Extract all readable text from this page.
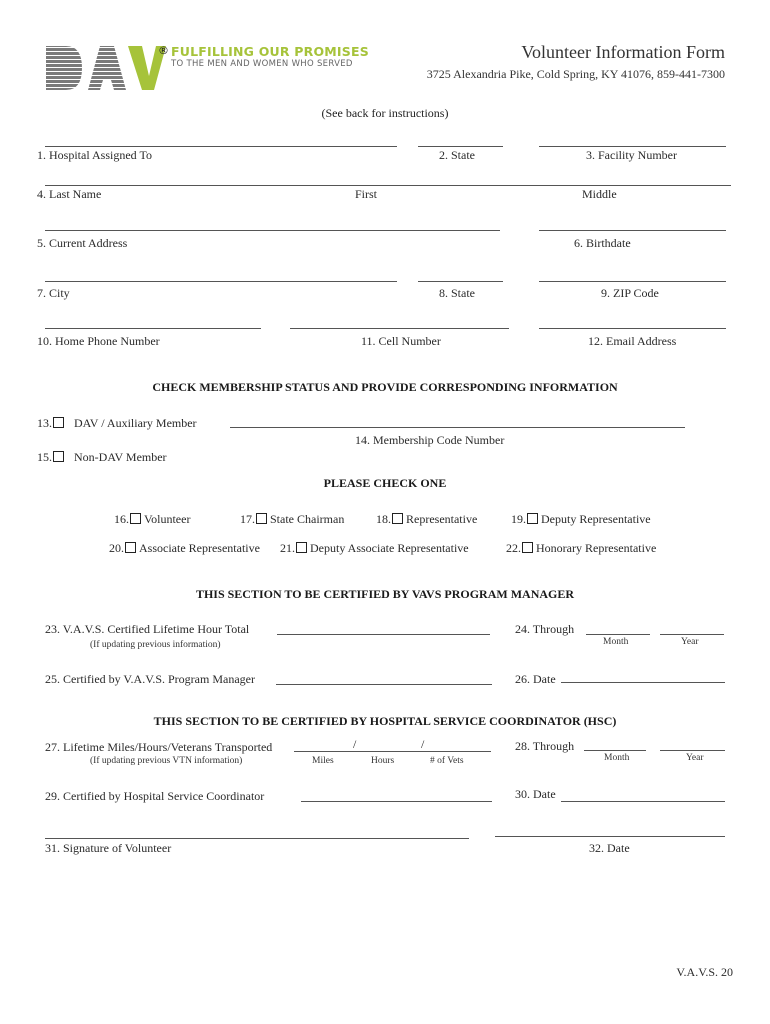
® FULFILLING OUR PROMISES
TO THE MEN AND WOMEN WHO SERVED
Volunteer Information Form
3725 Alexandria Pike, Cold Spring, KY 41076, 859-441-7300
(See back for instructions)
1. Hospital Assigned To	2. State	3. Facility Number
4. Last Name	First	Middle
5. Current Address	6. Birthdate
7. City	8. State	9. ZIP Code
10. Home Phone Number	11. Cell Number	12. Email Address
CHECK MEMBERSHIP STATUS AND PROVIDE CORRESPONDING INFORMATION
13. DAV / Auxiliary Member
14. Membership Code Number
15. Non-DAV Member
PLEASE CHECK ONE
16. Volunteer	17. State Chairman	18. Representative	19. Deputy Representative
20. Associate Representative 21. Deputy Associate Representative	22. Honorary Representative
THIS SECTION TO BE CERTIFIED BY VAVS PROGRAM MANAGER
23. V.A.V.S. Certified Lifetime Hour Total
(If updating previous information)
24. Through
Month	Year
25. Certified by V.A.V.S. Program Manager	26. Date
THIS SECTION TO BE CERTIFIED BY HOSPITAL SERVICE COORDINATOR (HSC)
27. Lifetime Miles/Hours/Veterans Transported	/	/
(If updating previous VTN information)	Miles	Hours	# of Vets
28. Through
Month	Year
29. Certified by Hospital Service Coordinator	30. Date
31. Signature of Volunteer	32. Date
V.A.V.S. 20
